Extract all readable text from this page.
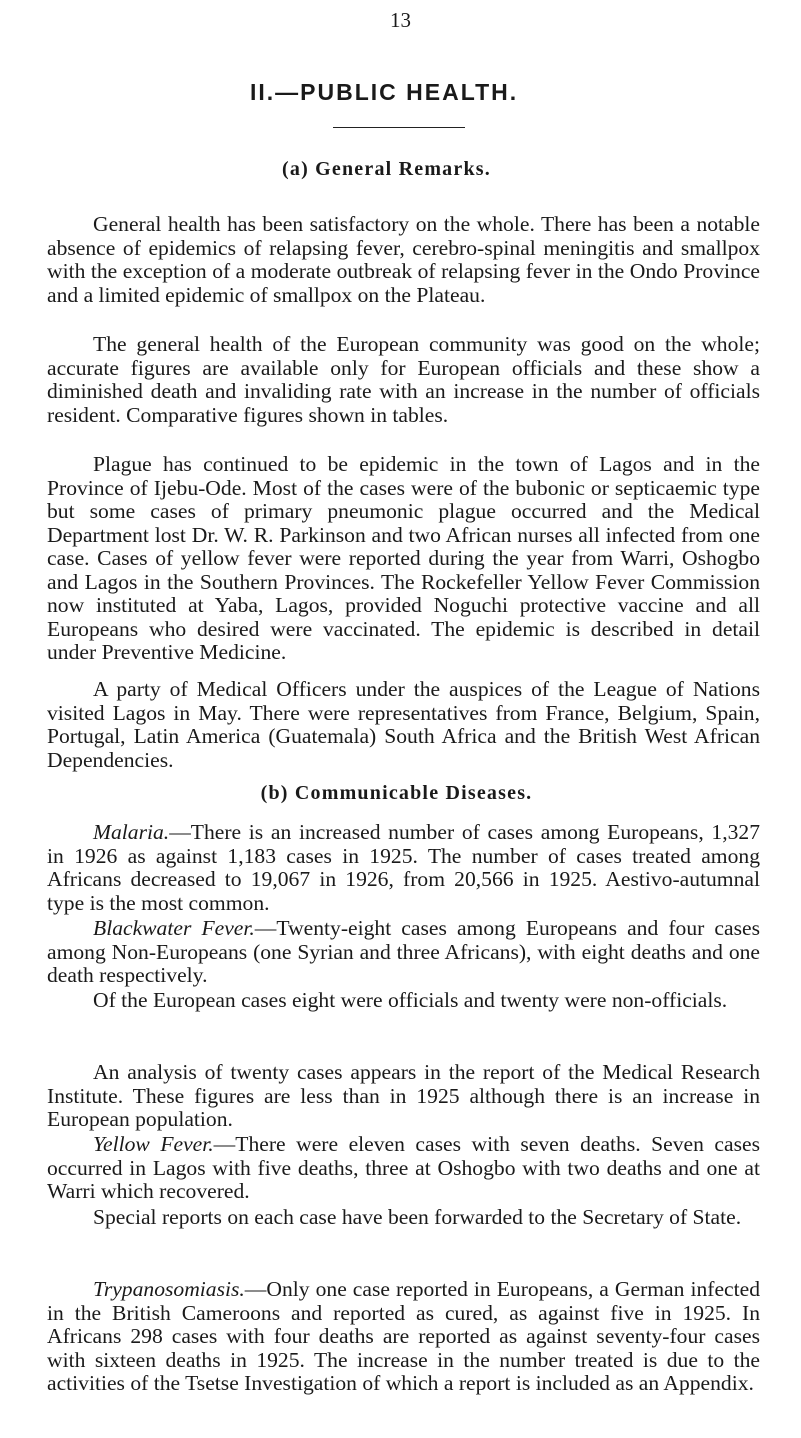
13
II.—PUBLIC HEALTH.
(a) General Remarks.

General health has been satisfactory on the whole. There has been a notable absence of epidemics of relapsing fever, cerebro-spinal meningitis and smallpox with the exception of a moderate outbreak of relapsing fever in the Ondo Province and a limited epidemic of smallpox on the Plateau.

The general health of the European community was good on the whole; accurate figures are available only for European officials and these show a diminished death and invaliding rate with an increase in the number of officials resident. Comparative figures shown in tables.

Plague has continued to be epidemic in the town of Lagos and in the Province of Ijebu-Ode. Most of the cases were of the bubonic or septicaemic type but some cases of primary pneumonic plague occurred and the Medical Department lost Dr. W. R. Parkinson and two African nurses all infected from one case. Cases of yellow fever were reported during the year from Warri, Oshogbo and Lagos in the Southern Provinces. The Rockefeller Yellow Fever Commission now instituted at Yaba, Lagos, provided Noguchi protective vaccine and all Europeans who desired were vaccinated. The epidemic is described in detail under Preventive Medicine.

A party of Medical Officers under the auspices of the League of Nations visited Lagos in May. There were representatives from France, Belgium, Spain, Portugal, Latin America (Guatemala) South Africa and the British West African Dependencies.

(b) Communicable Diseases.

Malaria.—There is an increased number of cases among Europeans, 1,327 in 1926 as against 1,183 cases in 1925. The number of cases treated among Africans decreased to 19,067 in 1926, from 20,566 in 1925. Aestivo-autumnal type is the most common.

Blackwater Fever.—Twenty-eight cases among Europeans and four cases among Non-Europeans (one Syrian and three Africans), with eight deaths and one death respectively.

Of the European cases eight were officials and twenty were non-officials.

An analysis of twenty cases appears in the report of the Medical Research Institute. These figures are less than in 1925 although there is an increase in European population.

Yellow Fever.—There were eleven cases with seven deaths. Seven cases occurred in Lagos with five deaths, three at Oshogbo with two deaths and one at Warri which recovered.

Special reports on each case have been forwarded to the Secretary of State.

Trypanosomiasis.—Only one case reported in Europeans, a German infected in the British Cameroons and reported as cured, as against five in 1925. In Africans 298 cases with four deaths are reported as against seventy-four cases with sixteen deaths in 1925. The increase in the number treated is due to the activities of the Tsetse Investigation of which a report is included as an Appendix.
